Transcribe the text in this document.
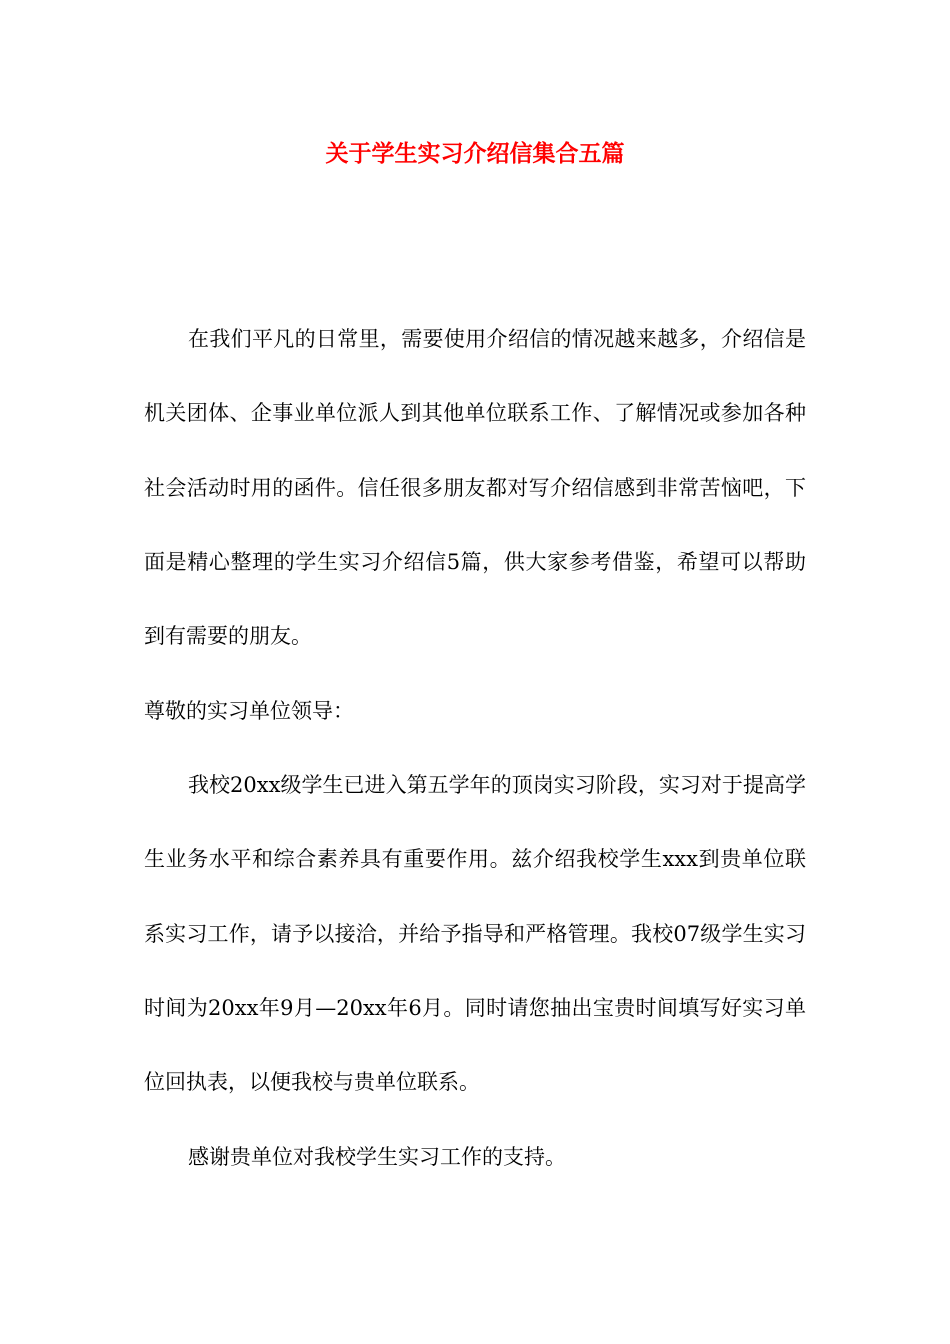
关于学生实习介绍信集合五篇

在我们平凡的日常里，需要使用介绍信的情况越来越多，介绍信是机关团体、企事业单位派人到其他单位联系工作、了解情况或参加各种社会活动时用的函件。信任很多朋友都对写介绍信感到非常苦恼吧，下面是精心整理的学生实习介绍信5篇，供大家参考借鉴，希望可以帮助到有需要的朋友。

尊敬的实习单位领导：

我校20xx级学生已进入第五学年的顶岗实习阶段，实习对于提高学生业务水平和综合素养具有重要作用。兹介绍我校学生xxx到贵单位联系实习工作，请予以接洽，并给予指导和严格管理。我校07级学生实习时间为20xx年9月—20xx年6月。同时请您抽出宝贵时间填写好实习单位回执表，以便我校与贵单位联系。

感谢贵单位对我校学生实习工作的支持。
